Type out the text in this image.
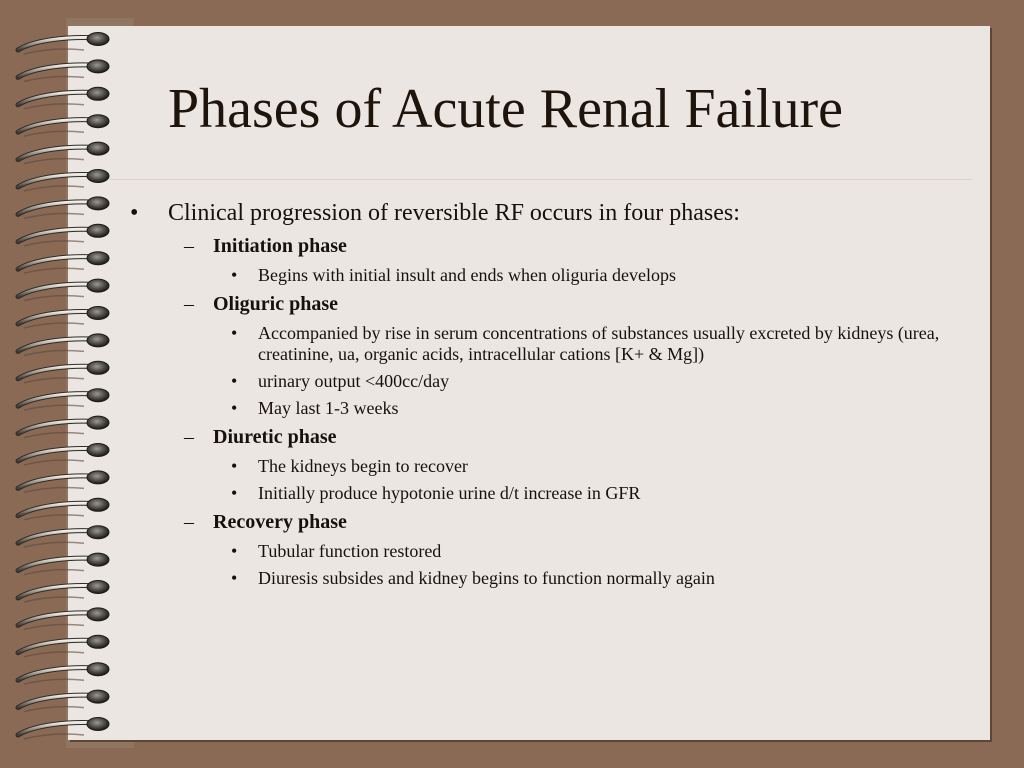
Phases of Acute Renal Failure
• Clinical progression of reversible RF occurs in four phases:
– Initiation phase
• Begins with initial insult and ends when oliguria develops
– Oliguric phase
• Accompanied by rise in serum concentrations of substances usually excreted by kidneys (urea, creatinine, ua, organic acids, intracellular cations [K+ & Mg])
• urinary output <400cc/day
• May last 1-3 weeks
– Diuretic phase
• The kidneys begin to recover
• Initially produce hypotonie urine d/t increase in GFR
– Recovery phase
• Tubular function restored
• Diuresis subsides and kidney begins to function normally again
